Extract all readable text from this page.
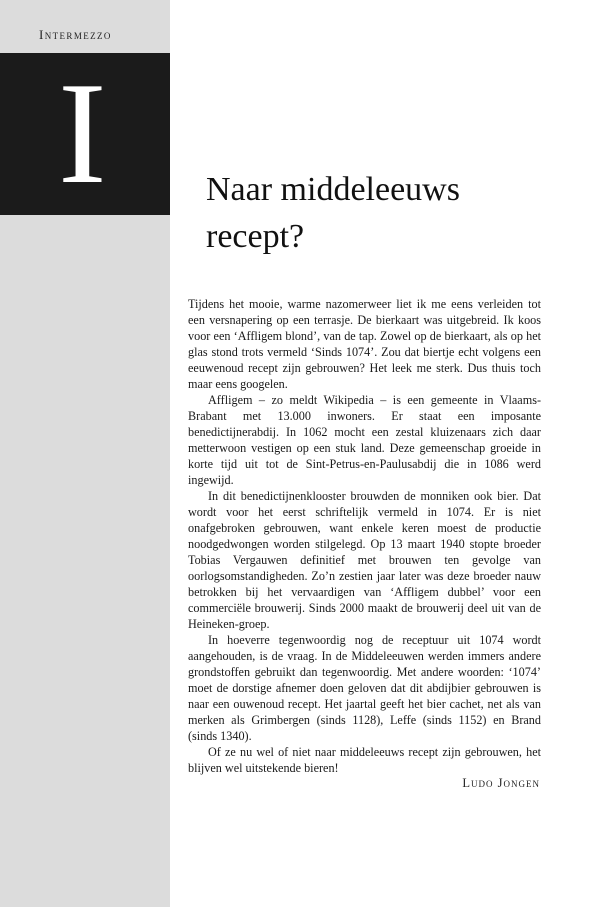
Intermezzo
I	Naar middeleeuws recept?

Tijdens het mooie, warme nazomerweer liet ik me eens verleiden tot een versnapering op een terrasje. De bierkaart was uitgebreid. Ik koos voor een ‘Affligem blond’, van de tap. Zowel op de bierkaart, als op het glas stond trots vermeld ‘Sinds 1074’. Zou dat biertje echt volgens een eeuwenoud recept zijn gebrouwen? Het leek me sterk. Dus thuis toch maar eens googelen.

Affligem – zo meldt Wikipedia – is een gemeente in Vlaams-Brabant met 13.000 inwoners. Er staat een imposante benedictijnerabdij. In 1062 mocht een zestal kluizenaars zich daar metterwoon vestigen op een stuk land. Deze gemeenschap groeide in korte tijd uit tot de Sint-Petrus-en-Paulusabdij die in 1086 werd ingewijd.

In dit benedictijnenklooster brouwden de monniken ook bier. Dat wordt voor het eerst schriftelijk vermeld in 1074. Er is niet onafgebroken gebrouwen, want enkele keren moest de productie noodgedwongen worden stilgelegd. Op 13 maart 1940 stopte broeder Tobias Vergauwen definitief met brouwen ten gevolge van oorlogsomstandigheden. Zo’n zestien jaar later was deze broeder nauw betrokken bij het vervaardigen van ‘Affligem dubbel’ voor een commerciële brouwerij. Sinds 2000 maakt de brouwerij deel uit van de Heineken-groep.

In hoeverre tegenwoordig nog de receptuur uit 1074 wordt aangehouden, is de vraag. In de Middeleeuwen werden immers andere grondstoffen gebruikt dan tegenwoordig. Met andere woorden: ‘1074’ moet de dorstige afnemer doen geloven dat dit abdijbier gebrouwen is naar een ouwenoud recept. Het jaartal geeft het bier cachet, net als van merken als Grimbergen (sinds 1128), Leffe (sinds 1152) en Brand (sinds 1340).

Of ze nu wel of niet naar middeleeuws recept zijn gebrouwen, het blijven wel uitstekende bieren!

Ludo Jongen
